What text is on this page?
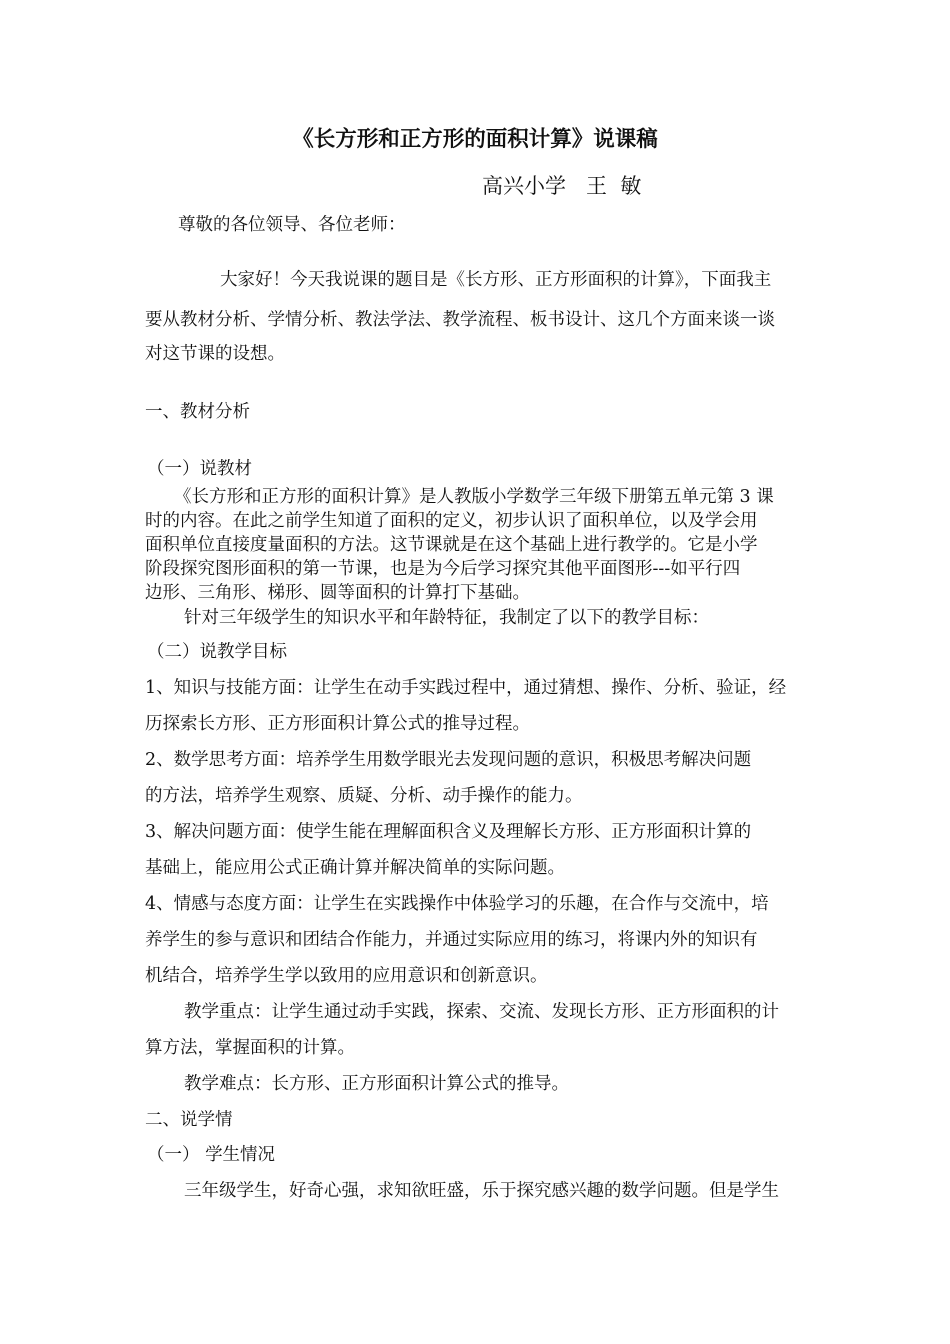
《长方形和正方形的面积计算》说课稿
高兴小学   王  敏
尊敬的各位领导、各位老师：
大家好！今天我说课的题目是《长方形、正方形面积的计算》，下面我主
要从教材分析、学情分析、教法学法、教学流程、板书设计、这几个方面来谈一谈
对这节课的设想。
一、教材分析
（一）说教材
《长方形和正方形的面积计算》是人教版小学数学三年级下册第五单元第 3 课
时的内容。在此之前学生知道了面积的定义，初步认识了面积单位，以及学会用
面积单位直接度量面积的方法。这节课就是在这个基础上进行教学的。它是小学
阶段探究图形面积的第一节课，也是为今后学习探究其他平面图形---如平行四
边形、三角形、梯形、圆等面积的计算打下基础。
针对三年级学生的知识水平和年龄特征，我制定了以下的教学目标：
（二）说教学目标
1、知识与技能方面：让学生在动手实践过程中，通过猜想、操作、分析、验证，经
历探索长方形、正方形面积计算公式的推导过程。
2、数学思考方面：培养学生用数学眼光去发现问题的意识，积极思考解决问题
的方法，培养学生观察、质疑、分析、动手操作的能力。
3、解决问题方面：使学生能在理解面积含义及理解长方形、正方形面积计算的
基础上，能应用公式正确计算并解决简单的实际问题。
4、情感与态度方面：让学生在实践操作中体验学习的乐趣，在合作与交流中，培
养学生的参与意识和团结合作能力，并通过实际应用的练习，将课内外的知识有
机结合，培养学生学以致用的应用意识和创新意识。
教学重点：让学生通过动手实践，探索、交流、发现长方形、正方形面积的计
算方法，掌握面积的计算。
教学难点：长方形、正方形面积计算公式的推导。
二、说学情
（一） 学生情况
三年级学生，好奇心强，求知欲旺盛，乐于探究感兴趣的数学问题。但是学生
